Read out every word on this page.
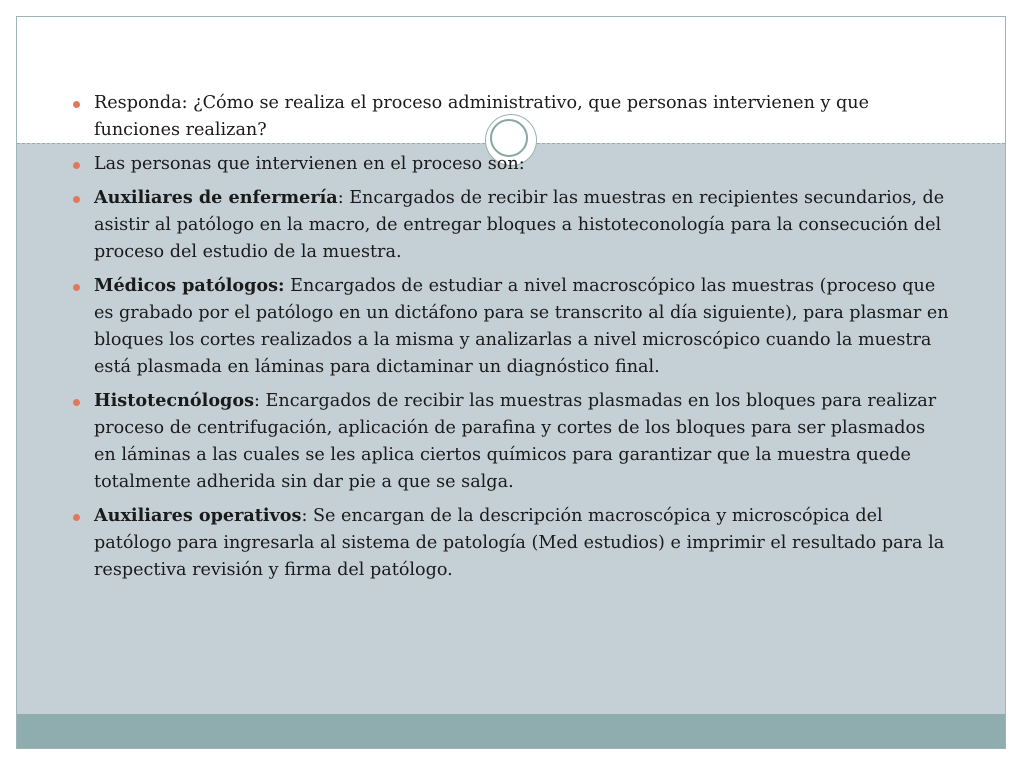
Responda: ¿Cómo se realiza el proceso administrativo, que personas intervienen y que funciones realizan?
Las personas que intervienen en el proceso son:
Auxiliares de enfermería: Encargados de recibir las muestras en recipientes secundarios, de asistir al patólogo en la macro, de entregar bloques a histoteconología para la consecución del proceso del estudio de la muestra.
Médicos patólogos: Encargados de estudiar a nivel macroscópico las muestras (proceso que es grabado por el patólogo en un dictáfono para se transcrito al día siguiente), para plasmar en bloques los cortes realizados a la misma y analizarlas a nivel microscópico cuando la muestra está plasmada en láminas para dictaminar un diagnóstico final.
Histotecnólogos: Encargados de recibir las muestras plasmadas en los bloques para realizar proceso de centrifugación, aplicación de parafina y cortes de los bloques para ser plasmados en láminas a las cuales se les aplica ciertos químicos para garantizar que la muestra quede totalmente adherida sin dar pie a que se salga.
Auxiliares operativos: Se encargan de la descripción macroscópica y microscópica del patólogo para ingresarla al sistema de patología (Med estudios) e imprimir el resultado para la respectiva revisión y firma del patólogo.
